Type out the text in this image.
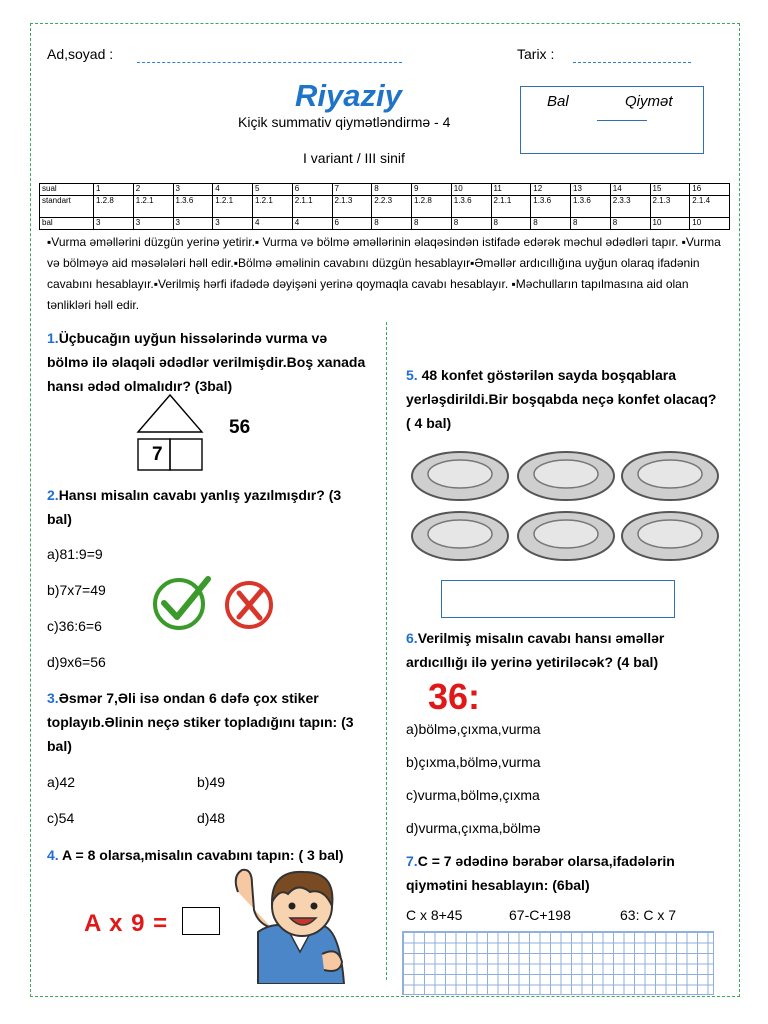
Ad,soyad :	Tarix :
Riyaziy
Kiçik summativ qiymətləndirmə - 4
I variant / III sinif
Bal	Qiymət
sual	1	2	3	4	5	6	7	8	9	10	11	12	13	14	15	16
standart	1.2.8	1.2.1	1.3.6	1.2.1	1.2.1	2.1.1	2.1.3	2.2.3	1.2.8	1.3.6	2.1.1	1.3.6	1.3.6	2.3.3	2.1.3	2.1.4
bal	3	3	3	3	4	4	6	8	8	8	8	8	8	8	10	10
▪Vurma əməllərini düzgün yerinə yetirir.▪ Vurma və bölmə əməllərinin əlaqəsindən istifadə edərək məchul ədədləri tapır. ▪Vurma və bölməyə aid məsələləri həll edir.▪Bölmə əməlinin cavabını düzgün hesablayır▪Əməllər ardıcıllığına uyğun olaraq ifadənin cavabını hesablayır.▪Verilmiş hərfi ifadədə dəyişəni yerinə qoymaqla cavabı hesablayır. ▪Məchulların tapılmasına aid olan tənlikləri həll edir.
1.Üçbucağın uyğun hissələrində vurma və bölmə ilə əlaqəli ədədlər verilmişdir.Boş xanada hansı ədəd olmalıdır? (3bal)
7
56
2.Hansı misalın cavabı yanlış yazılmışdır? (3 bal)
a)81:9=9
b)7x7=49
c)36:6=6
d)9x6=56
3.Əsmər 7,Əli isə ondan 6 dəfə çox stiker toplayıb.Əlinin neçə stiker topladığını tapın: (3 bal)
a)42	b)49
c)54	d)48
4. A = 8 olarsa,misalın cavabını tapın: ( 3 bal)
A x 9 =
5. 48 konfet göstərilən sayda boşqablara yerləşdirildi.Bir boşqabda neçə konfet olacaq? ( 4 bal)
6.Verilmiş misalın cavabı hansı əməllər ardıcıllığı ilə yerinə yetiriləcək? (4 bal)
36:
a)bölmə,çıxma,vurma
b)çıxma,bölmə,vurma
c)vurma,bölmə,çıxma
d)vurma,çıxma,bölmə
7.C = 7 ədədinə bərabər olarsa,ifadələrin qiymətini hesablayın: (6bal)
C x 8+45	67-C+198	63: C x 7
